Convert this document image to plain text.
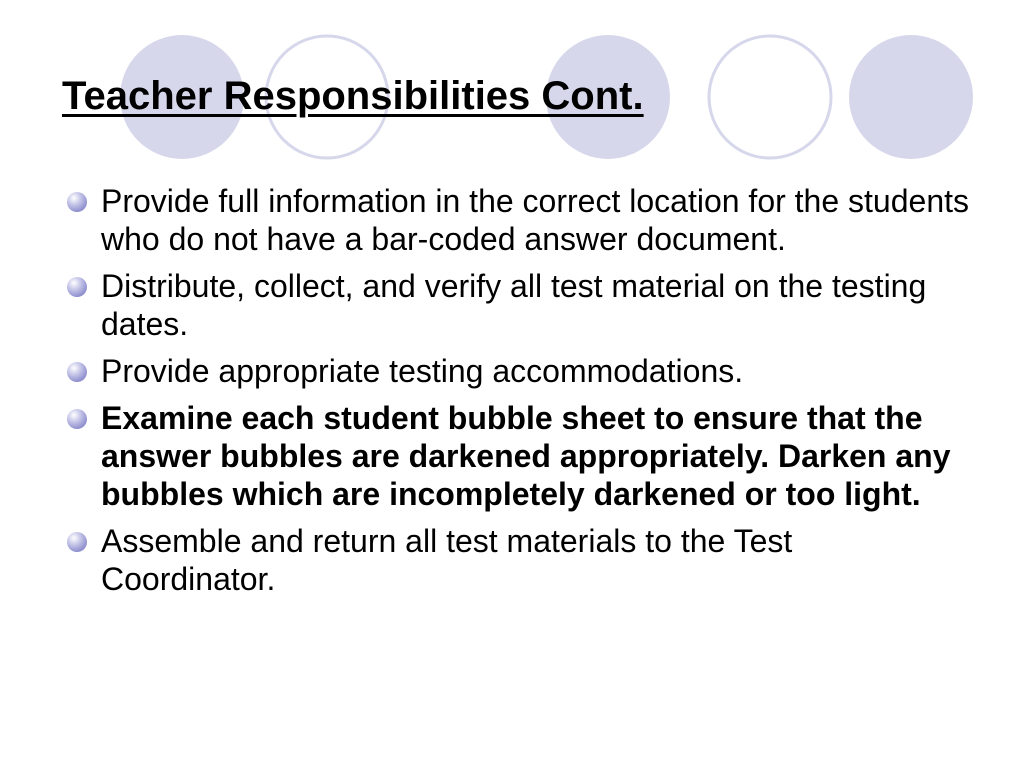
Teacher Responsibilities Cont.
Provide full information in the correct location for the students who do not have a bar-coded answer document.
Distribute, collect, and verify all test material on the testing dates.
Provide appropriate testing accommodations.
Examine each student bubble sheet to ensure that the answer bubbles are darkened appropriately. Darken any bubbles which are incompletely darkened or too light.
Assemble and return all test materials to the Test Coordinator.
